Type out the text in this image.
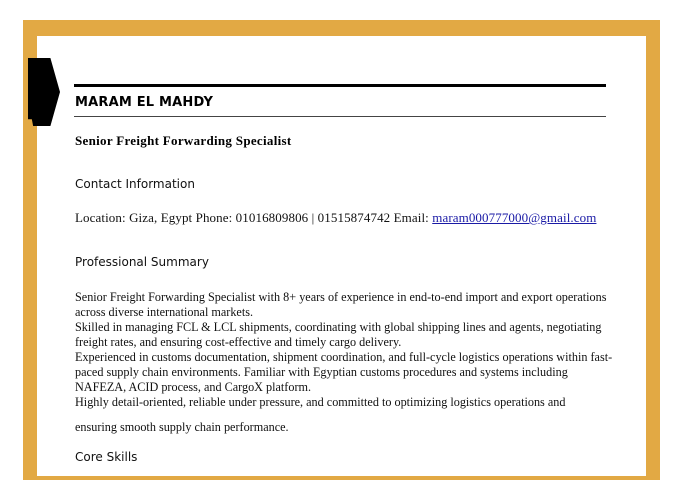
MARAM EL MAHDY
Senior Freight Forwarding Specialist
Contact Information
Location: Giza, Egypt Phone: 01016809806 | 01515874742 Email: maram000777000@gmail.com
Professional Summary

Senior Freight Forwarding Specialist with 8+ years of experience in end-to-end import and export operations across diverse international markets.

Skilled in managing FCL & LCL shipments, coordinating with global shipping lines and agents, negotiating freight rates, and ensuring cost-effective and timely cargo delivery.

Experienced in customs documentation, shipment coordination, and full-cycle logistics operations within fast-paced supply chain environments. Familiar with Egyptian customs procedures and systems including NAFEZA, ACID process, and CargoX platform.

Highly detail-oriented, reliable under pressure, and committed to optimizing logistics operations and

ensuring smooth supply chain performance.

Core Skills
